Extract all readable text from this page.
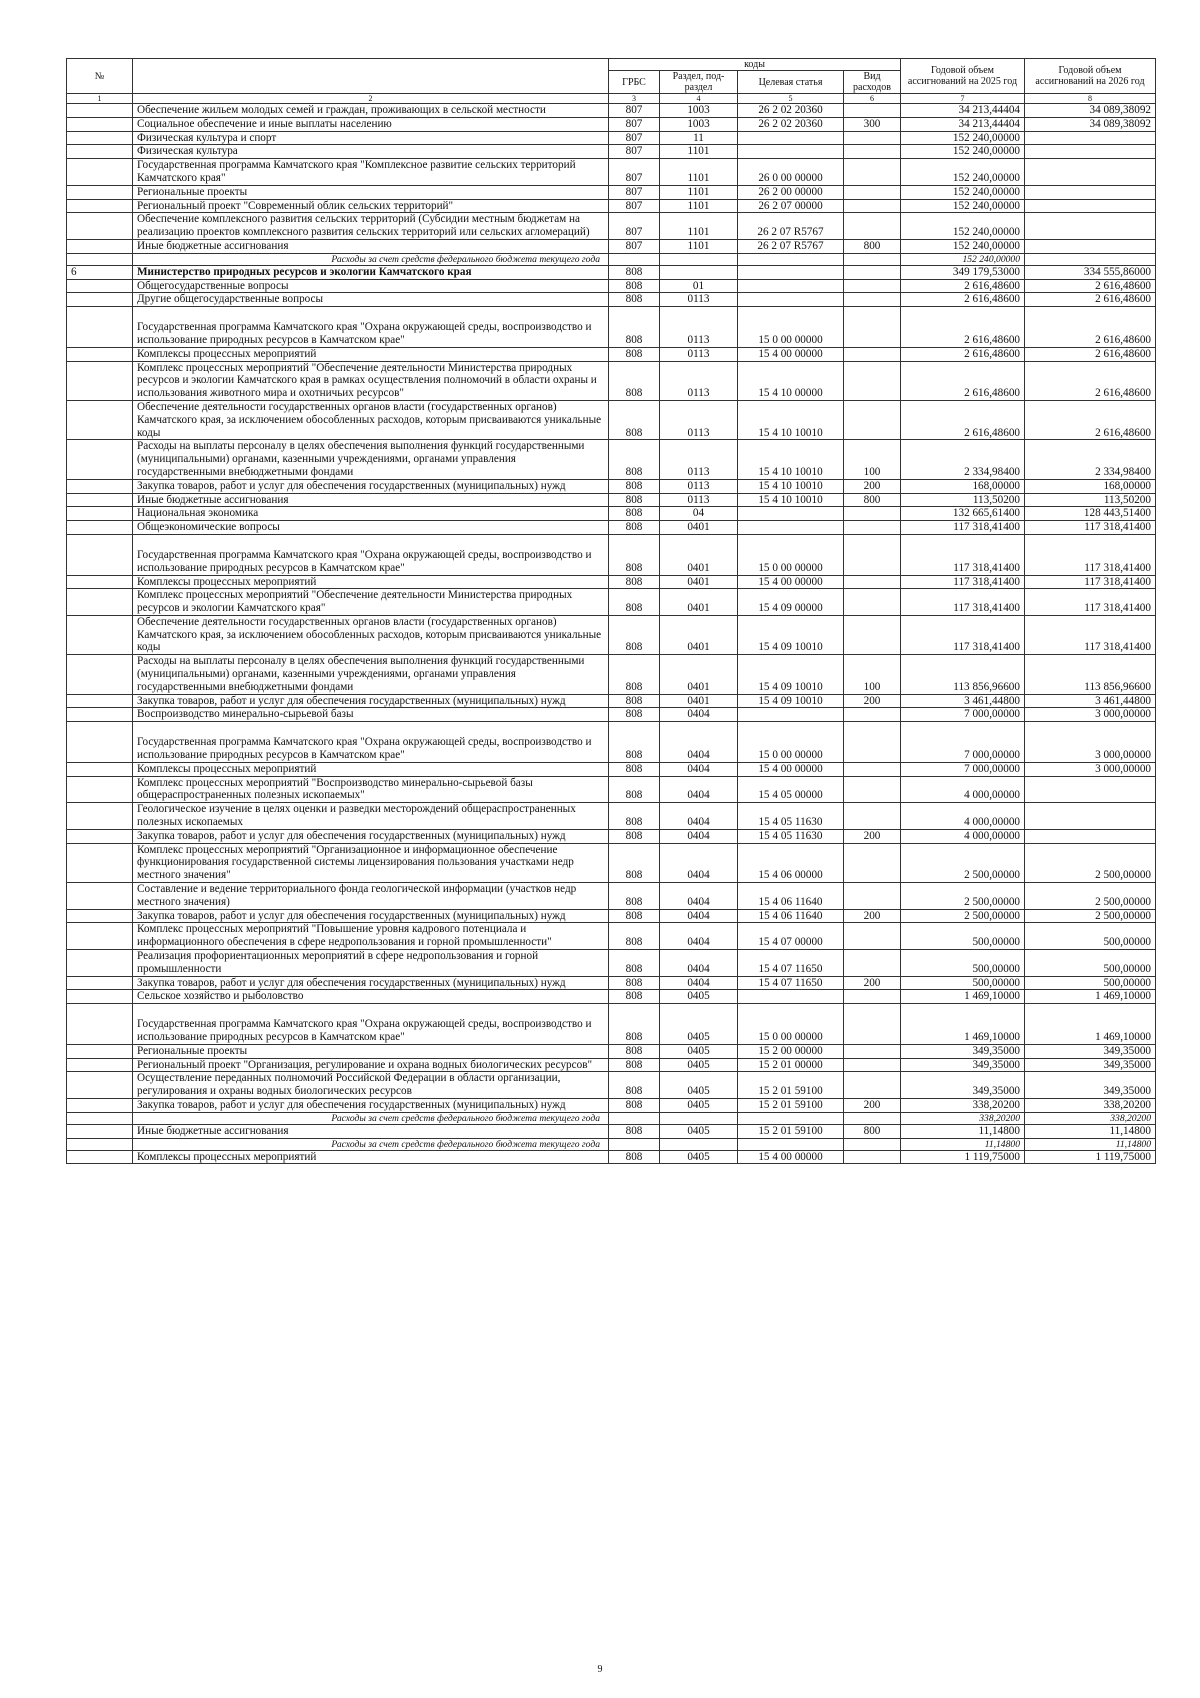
№		коды				Годовой объем ассигнований на 2025 год	Годовой объем ассигнований на 2026 год
		ГРБС	Раздел, под-раздел	Целевая статья	Вид расходов		
1	2	3	4	5	6	7	8
	Обеспечение жильем молодых семей и граждан, проживающих в сельской местности	807	1003	26 2 02 20360		34 213,44404	34 089,38092
	Социальное обеспечение и иные выплаты населению	807	1003	26 2 02 20360	300	34 213,44404	34 089,38092
	Физическая культура и спорт	807	11			152 240,00000	
	Физическая культура	807	1101			152 240,00000	
	Государственная программа Камчатского края "Комплексное развитие сельских территорий Камчатского края"	807	1101	26 0 00 00000		152 240,00000	
	Региональные проекты	807	1101	26 2 00 00000		152 240,00000	
	Региональный проект "Современный облик сельских территорий"	807	1101	26 2 07 00000		152 240,00000	
	Обеспечение комплексного развития сельских территорий (Субсидии местным бюджетам на реализацию проектов комплексного развития сельских территорий или сельских агломераций)	807	1101	26 2 07 R5767		152 240,00000	
	Иные бюджетные ассигнования	807	1101	26 2 07 R5767	800	152 240,00000	
	Расходы за счет средств федерального бюджета текущего года					152 240,00000	
6	Министерство природных ресурсов и экологии Камчатского края	808				349 179,53000	334 555,86000
	Общегосударственные вопросы	808	01			2 616,48600	2 616,48600
	Другие общегосударственные вопросы	808	0113			2 616,48600	2 616,48600
	Государственная программа Камчатского края "Охрана окружающей среды, воспроизводство и использование природных ресурсов в Камчатском крае"	808	0113	15 0 00 00000		2 616,48600	2 616,48600
	Комплексы процессных мероприятий	808	0113	15 4 00 00000		2 616,48600	2 616,48600
	Комплекс процессных мероприятий "Обеспечение деятельности Министерства природных ресурсов и экологии Камчатского края в рамках осуществления полномочий в области охраны и использования животного мира и охотничьих ресурсов"	808	0113	15 4 10 00000		2 616,48600	2 616,48600
	Обеспечение деятельности государственных органов власти (государственных органов) Камчатского края, за исключением обособленных расходов, которым присваиваются уникальные коды	808	0113	15 4 10 10010		2 616,48600	2 616,48600
	Расходы на выплаты персоналу в целях обеспечения выполнения функций государственными (муниципальными) органами, казенными учреждениями, органами управления государственными внебюджетными фондами	808	0113	15 4 10 10010	100	2 334,98400	2 334,98400
	Закупка товаров, работ и услуг для обеспечения государственных (муниципальных) нужд	808	0113	15 4 10 10010	200	168,00000	168,00000
	Иные бюджетные ассигнования	808	0113	15 4 10 10010	800	113,50200	113,50200
	Национальная экономика	808	04			132 665,61400	128 443,51400
	Общеэкономические вопросы	808	0401			117 318,41400	117 318,41400
	Государственная программа Камчатского края "Охрана окружающей среды, воспроизводство и использование природных ресурсов в Камчатском крае"	808	0401	15 0 00 00000		117 318,41400	117 318,41400
	Комплексы процессных мероприятий	808	0401	15 4 00 00000		117 318,41400	117 318,41400
	Комплекс процессных мероприятий "Обеспечение деятельности Министерства природных ресурсов и экологии Камчатского края"	808	0401	15 4 09 00000		117 318,41400	117 318,41400
	Обеспечение деятельности государственных органов власти (государственных органов) Камчатского края, за исключением обособленных расходов, которым присваиваются уникальные коды	808	0401	15 4 09 10010		117 318,41400	117 318,41400
	Расходы на выплаты персоналу в целях обеспечения выполнения функций государственными (муниципальными) органами, казенными учреждениями, органами управления государственными внебюджетными фондами	808	0401	15 4 09 10010	100	113 856,96600	113 856,96600
	Закупка товаров, работ и услуг для обеспечения государственных (муниципальных) нужд	808	0401	15 4 09 10010	200	3 461,44800	3 461,44800
	Воспроизводство минерально-сырьевой базы	808	0404			7 000,00000	3 000,00000
	Государственная программа Камчатского края "Охрана окружающей среды, воспроизводство и использование природных ресурсов в Камчатском крае"	808	0404	15 0 00 00000		7 000,00000	3 000,00000
	Комплексы процессных мероприятий	808	0404	15 4 00 00000		7 000,00000	3 000,00000
	Комплекс процессных мероприятий "Воспроизводство минерально-сырьевой базы общераспространенных полезных ископаемых"	808	0404	15 4 05 00000		4 000,00000	
	Геологическое изучение в целях оценки и разведки месторождений общераспространенных полезных ископаемых	808	0404	15 4 05 11630		4 000,00000	
	Закупка товаров, работ и услуг для обеспечения государственных (муниципальных) нужд	808	0404	15 4 05 11630	200	4 000,00000	
	Комплекс процессных мероприятий "Организационное и информационное обеспечение функционирования государственной системы лицензирования пользования участками недр местного значения"	808	0404	15 4 06 00000		2 500,00000	2 500,00000
	Составление и ведение территориального фонда геологической информации (участков недр местного значения)	808	0404	15 4 06 11640		2 500,00000	2 500,00000
	Закупка товаров, работ и услуг для обеспечения государственных (муниципальных) нужд	808	0404	15 4 06 11640	200	2 500,00000	2 500,00000
	Комплекс процессных мероприятий "Повышение уровня кадрового потенциала и информационного обеспечения в сфере недропользования и горной промышленности"	808	0404	15 4 07 00000		500,00000	500,00000
	Реализация профориентационных мероприятий в сфере недропользования и горной промышленности	808	0404	15 4 07 11650		500,00000	500,00000
	Закупка товаров, работ и услуг для обеспечения государственных (муниципальных) нужд	808	0404	15 4 07 11650	200	500,00000	500,00000
	Сельское хозяйство и рыболовство	808	0405			1 469,10000	1 469,10000
	Государственная программа Камчатского края "Охрана окружающей среды, воспроизводство и использование природных ресурсов в Камчатском крае"	808	0405	15 0 00 00000		1 469,10000	1 469,10000
	Региональные проекты	808	0405	15 2 00 00000		349,35000	349,35000
	Региональный проект "Организация, регулирование и охрана водных биологических ресурсов"	808	0405	15 2 01 00000		349,35000	349,35000
	Осуществление переданных полномочий Российской Федерации в области организации, регулирования и охраны водных биологических ресурсов	808	0405	15 2 01 59100		349,35000	349,35000
	Закупка товаров, работ и услуг для обеспечения государственных (муниципальных) нужд	808	0405	15 2 01 59100	200	338,20200	338,20200
	Расходы за счет средств федерального бюджета текущего года					338,20200	338,20200
	Иные бюджетные ассигнования	808	0405	15 2 01 59100	800	11,14800	11,14800
	Расходы за счет средств федерального бюджета текущего года					11,14800	11,14800
	Комплексы процессных мероприятий	808	0405	15 4 00 00000		1 119,75000	1 119,75000
9
